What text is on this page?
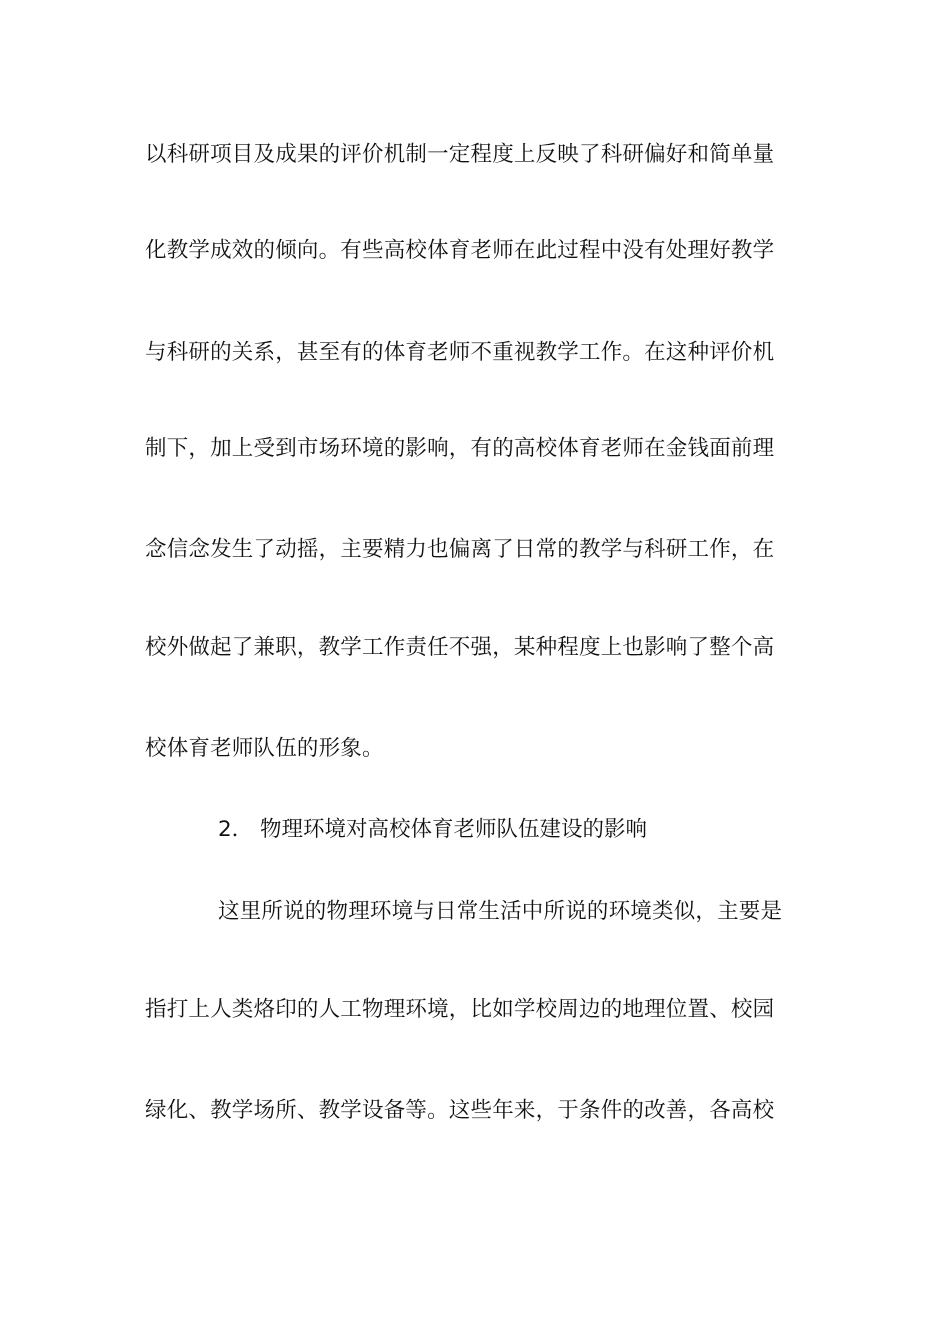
以科研项目及成果的评价机制一定程度上反映了科研偏好和简单量
化教学成效的倾向。有些高校体育老师在此过程中没有处理好教学
与科研的关系，甚至有的体育老师不重视教学工作。在这种评价机
制下，加上受到市场环境的影响，有的高校体育老师在金钱面前理
念信念发生了动摇，主要精力也偏离了日常的教学与科研工作，在
校外做起了兼职，教学工作责任不强，某种程度上也影响了整个高
校体育老师队伍的形象。
2． 物理环境对高校体育老师队伍建设的影响
这里所说的物理环境与日常生活中所说的环境类似，主要是
指打上人类烙印的人工物理环境，比如学校周边的地理位置、校园
绿化、教学场所、教学设备等。这些年来，于条件的改善，各高校
